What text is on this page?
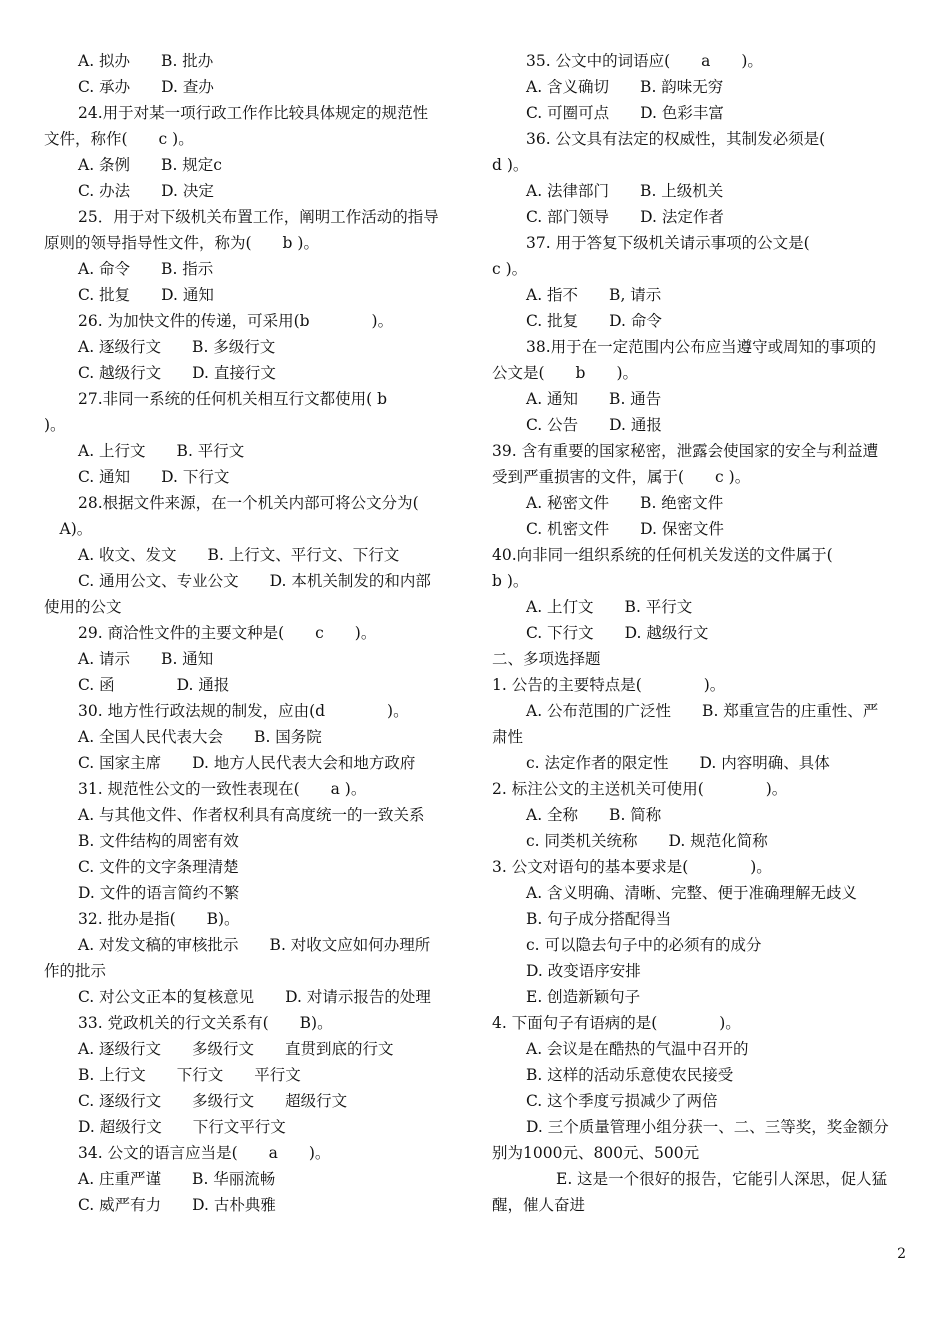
A. 拟办　　B. 批办
C. 承办　　D. 查办
24.用于对某一项行政工作作比较具体规定的规范性
文件，称作(　　c )。
A. 条例　　B. 规定c
C. 办法　　D. 决定
25．用于对下级机关布置工作，阐明工作活动的指导
原则的领导指导性文件，称为(　　b )。
A. 命令　　B. 指示
C. 批复　　D. 通知
26. 为加快文件的传递，可采用(b　　　　)。
A. 逐级行文　　B. 多级行文
C. 越级行文　　D. 直接行文
27.非同一系统的任何机关相互行文都使用( b
)。
A. 上行文　　B. 平行文
C. 通知　　D. 下行文
28.根据文件来源，在一个机关内部可将公文分为(
　A)。
A. 收文、发文　　B. 上行文、平行文、下行文
C. 通用公文、专业公文　　D. 本机关制发的和内部
使用的公文
29. 商洽性文件的主要文种是(　　c　　)。
A. 请示　　B. 通知
C. 函　　　　D. 通报
30. 地方性行政法规的制发，应由(d　　　　)。
A. 全国人民代表大会　　B. 国务院
C. 国家主席　　D. 地方人民代表大会和地方政府
31. 规范性公文的一致性表现在(　　a )。
A. 与其他文件、作者权利具有高度统一的一致关系
B. 文件结构的周密有效
C. 文件的文字条理清楚
D. 文件的语言简约不繁
32. 批办是指(　　B)。
A. 对发文稿的审核批示　　B. 对收文应如何办理所
作的批示
C. 对公文正本的复核意见　　D. 对请示报告的处理
33. 党政机关的行文关系有(　　B)。
A. 逐级行文　　多级行文　　直贯到底的行文
B. 上行文　　下行文　　平行文
C. 逐级行文　　多级行文　　超级行文
D. 超级行文　　下行文平行文
34. 公文的语言应当是(　　a　　)。
A. 庄重严谨　　B. 华丽流畅
C. 威严有力　　D. 古朴典雅
35. 公文中的词语应(　　a　　)。
A. 含义确切　　B. 韵味无穷
C. 可圈可点　　D. 色彩丰富
36. 公文具有法定的权威性，其制发必须是(
d )。
A. 法律部门　　B. 上级机关
C. 部门领导　　D. 法定作者
37. 用于答复下级机关请示事项的公文是(
c )。
A. 指不　　B, 请示
C. 批复　　D. 命令
38.用于在一定范围内公布应当遵守或周知的事项的
公文是(　　b　　)。
A. 通知　　B. 通告
C. 公告　　D. 通报
39. 含有重要的国家秘密，泄露会使国家的安全与利益遭
受到严重损害的文件，属于(　　c )。
A. 秘密文件　　B. 绝密文件
C. 机密文件　　D. 保密文件
40.向非同一组织系统的任何机关发送的文件属于(
b )。
A. 上仃文　　B. 平行文
C. 下行文　　D. 越级行文
二、多项选择题
1. 公告的主要特点是(　　　　)。
A. 公布范围的广泛性　　B. 郑重宣告的庄重性、严
肃性
c. 法定作者的限定性　　D. 内容明确、具体
2. 标注公文的主送机关可使用(　　　　)。
A. 全称　　B. 简称
c. 同类机关统称　　D. 规范化简称
3. 公文对语句的基本要求是(　　　　)。
A. 含义明确、清晰、完整、便于准确理解无歧义
B. 句子成分搭配得当
c. 可以隐去句子中的必须有的成分
D. 改变语序安排
E. 创造新颖句子
4. 下面句子有语病的是(　　　　)。
A. 会议是在酷热的气温中召开的
B. 这样的活动乐意使农民接受
C. 这个季度亏损减少了两倍
D. 三个质量管理小组分获一、二、三等奖，奖金额分
别为1000元、800元、500元
E. 这是一个很好的报告，它能引人深思，促人猛
醒，催人奋进
2
